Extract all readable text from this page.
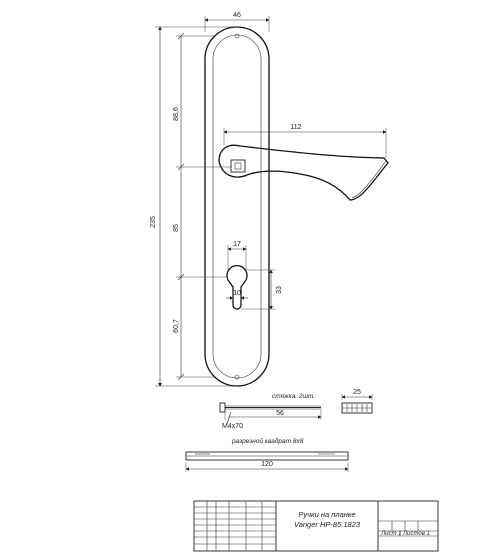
46
112
235
88,6
85
60,7
17
10	33
стяжка, 2шт.
56
M4x70
25
разрезной квадрат 8х8
120
Ручки на планке
Vanger HP-85.1823
Лист 1 Листов 1
